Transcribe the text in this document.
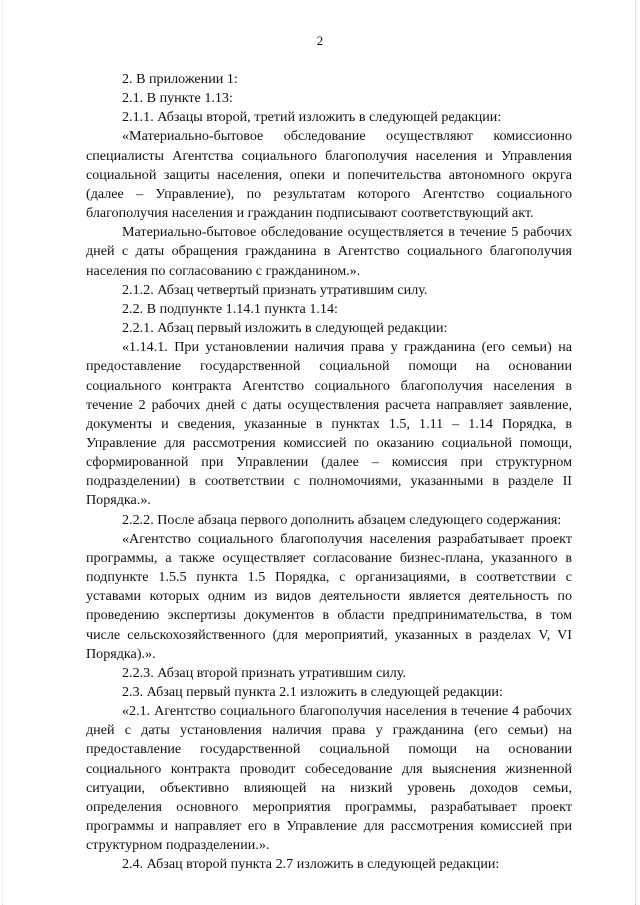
2

2. В приложении 1:

2.1. В пункте 1.13:

2.1.1. Абзацы второй, третий изложить в следующей редакции:

«Материально-бытовое обследование осуществляют комиссионно специалисты Агентства социального благополучия населения и Управления социальной защиты населения, опеки и попечительства автономного округа (далее – Управление), по результатам которого Агентство социального благополучия населения и гражданин подписывают соответствующий акт.

Материально-бытовое обследование осуществляется в течение 5 рабочих дней с даты обращения гражданина в Агентство социального благополучия населения по согласованию с гражданином.».

2.1.2. Абзац четвертый признать утратившим силу.

2.2. В подпункте 1.14.1 пункта 1.14:

2.2.1. Абзац первый изложить в следующей редакции:

«1.14.1. При установлении наличия права у гражданина (его семьи) на предоставление государственной социальной помощи на основании социального контракта Агентство социального благополучия населения в течение 2 рабочих дней с даты осуществления расчета направляет заявление, документы и сведения, указанные в пунктах 1.5, 1.11 – 1.14 Порядка, в Управление для рассмотрения комиссией по оказанию социальной помощи, сформированной при Управлении (далее – комиссия при структурном подразделении) в соответствии с полномочиями, указанными в разделе II Порядка.».

2.2.2. После абзаца первого дополнить абзацем следующего содержания:

«Агентство социального благополучия населения разрабатывает проект программы, а также осуществляет согласование бизнес-плана, указанного в подпункте 1.5.5 пункта 1.5 Порядка, с организациями, в соответствии с уставами которых одним из видов деятельности является деятельность по проведению экспертизы документов в области предпринимательства, в том числе сельскохозяйственного (для мероприятий, указанных в разделах V, VI Порядка).».

2.2.3. Абзац второй признать утратившим силу.

2.3. Абзац первый пункта 2.1 изложить в следующей редакции:

«2.1. Агентство социального благополучия населения в течение 4 рабочих дней с даты установления наличия права у гражданина (его семьи) на предоставление государственной социальной помощи на основании социального контракта проводит собеседование для выяснения жизненной ситуации, объективно влияющей на низкий уровень доходов семьи, определения основного мероприятия программы, разрабатывает проект программы и направляет его в Управление для рассмотрения комиссией при структурном подразделении.».

2.4. Абзац второй пункта 2.7 изложить в следующей редакции:
